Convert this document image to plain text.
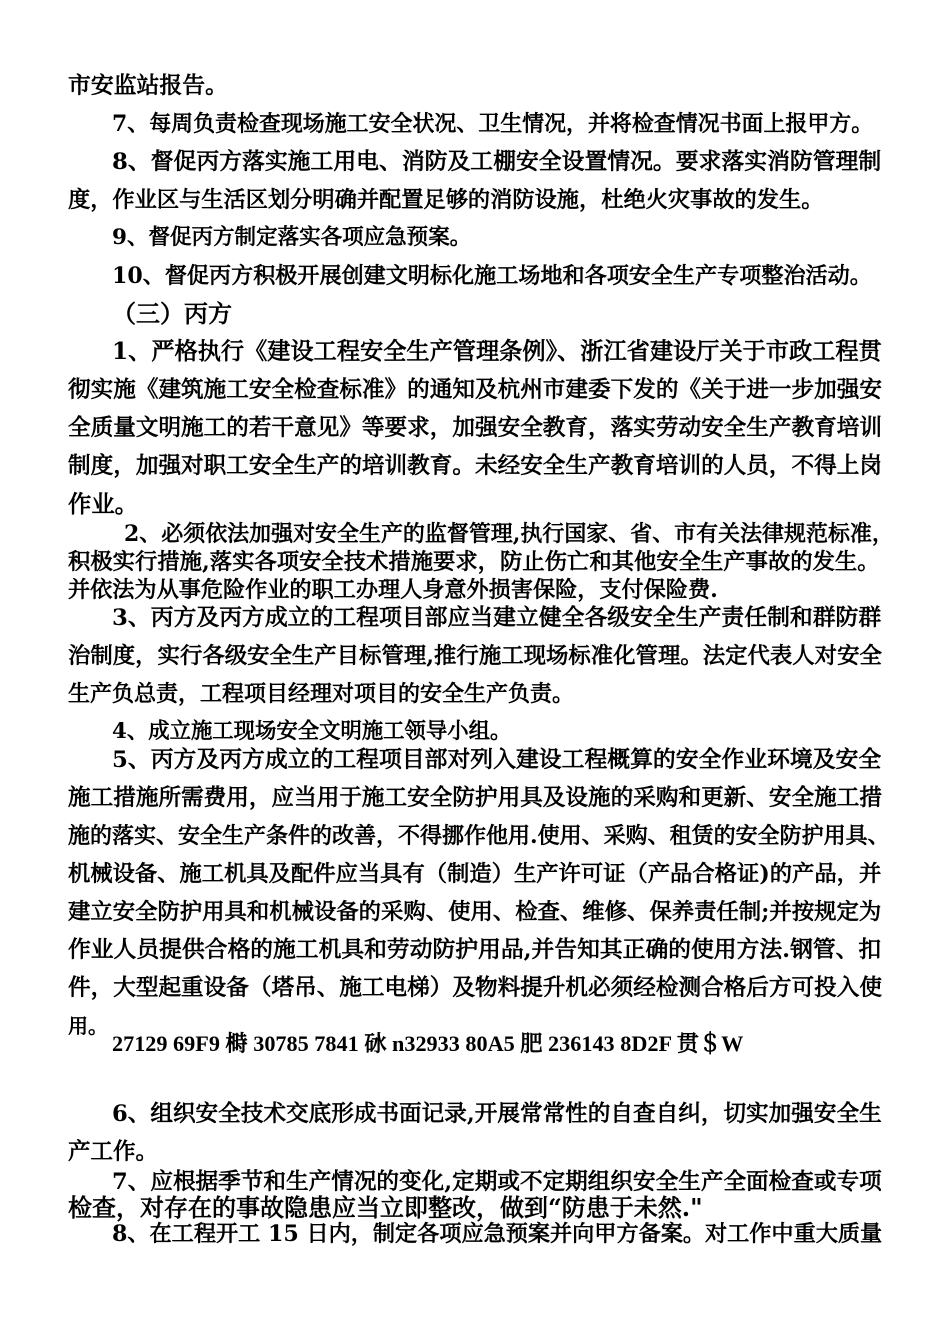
市安监站报告。

7、每周负责检查现场施工安全状况、卫生情况，并将检查情况书面上报甲方。

8、督促丙方落实施工用电、消防及工棚安全设置情况。要求落实消防管理制

度，作业区与生活区划分明确并配置足够的消防设施，杜绝火灾事故的发生。

9、督促丙方制定落实各项应急预案。

10、督促丙方积极开展创建文明标化施工场地和各项安全生产专项整治活动。

（三）丙方

1、严格执行《建设工程安全生产管理条例》、浙江省建设厅关于市政工程贯

彻实施《建筑施工安全检查标准》的通知及杭州市建委下发的《关于进一步加强安

全质量文明施工的若干意见》等要求，加强安全教育，落实劳动安全生产教育培训

制度，加强对职工安全生产的培训教育。未经安全生产教育培训的人员，不得上岗

作业。

2、必须依法加强对安全生产的监督管理,执行国家、省、市有关法律规范标准，

积极实行措施,落实各项安全技术措施要求，防止伤亡和其他安全生产事故的发生。

并依法为从事危险作业的职工办理人身意外损害保险，支付保险费.

3、丙方及丙方成立的工程项目部应当建立健全各级安全生产责任制和群防群

治制度，实行各级安全生产目标管理,推行施工现场标准化管理。法定代表人对安全

生产负总责，工程项目经理对项目的安全生产负责。

4、成立施工现场安全文明施工领导小组。

5、丙方及丙方成立的工程项目部对列入建设工程概算的安全作业环境及安全

施工措施所需费用，应当用于施工安全防护用具及设施的采购和更新、安全施工措

施的落实、安全生产条件的改善，不得挪作他用.使用、采购、租赁的安全防护用具、

机械设备、施工机具及配件应当具有（制造）生产许可证（产品合格证)的产品，并

建立安全防护用具和机械设备的采购、使用、检查、维修、保养责任制;并按规定为

作业人员提供合格的施工机具和劳动防护用品,并告知其正确的使用方法.钢管、扣

件，大型起重设备（塔吊、施工电梯）及物料提升机必须经检测合格后方可投入使

用。

27129 69F9 榯 30785 7841 砅 n32933 80A5 肥 236143 8D2F 贯＄W

6、组织安全技术交底形成书面记录,开展常常性的自查自纠，切实加强安全生

产工作。

7、应根据季节和生产情况的变化,定期或不定期组织安全生产全面检查或专项

检查，对存在的事故隐患应当立即整改，做到“防患于未然."

8、在工程开工 15 日内，制定各项应急预案并向甲方备案。对工作中重大质量
